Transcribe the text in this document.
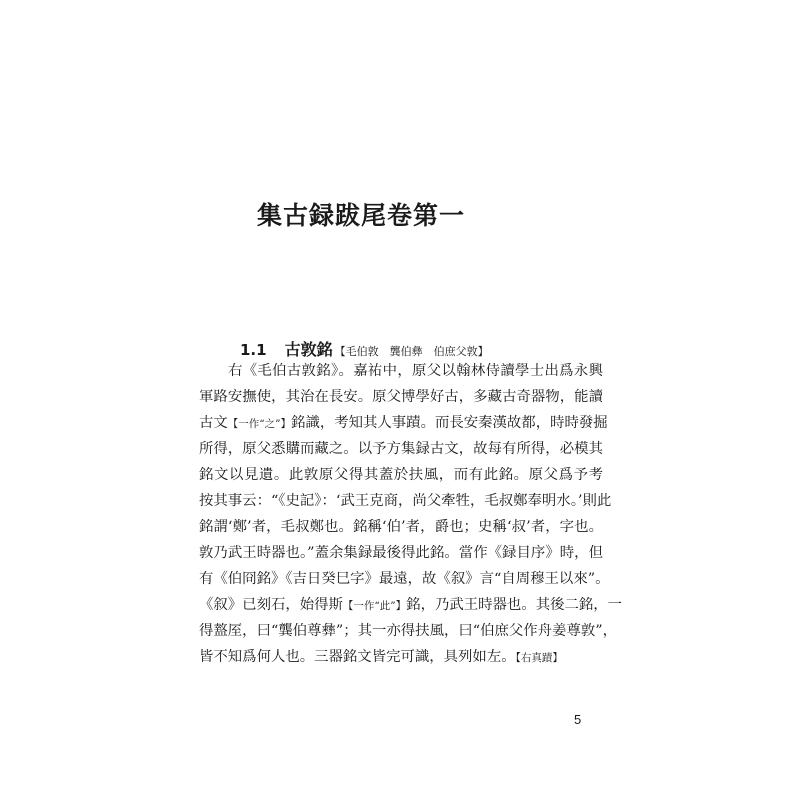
集古録跋尾卷第一
1.1 古敦銘 【毛伯敦　龔伯彝　伯庶父敦】
右《毛伯古敦銘》。嘉祐中，原父以翰林侍讀學士出爲永興
軍路安撫使，其治在長安。原父博學好古，多藏古奇器物，能讀
古文【一作“之”】銘識，考知其人事蹟。而長安秦漢故都，時時發掘
所得，原父悉購而藏之。以予方集録古文，故每有所得，必模其
銘文以見遺。此敦原父得其蓋於扶風，而有此銘。原父爲予考
按其事云：“《史記》：‘武王克商，尚父牽牲，毛叔鄭奉明水。’則此
銘謂‘鄭’者，毛叔鄭也。銘稱‘伯’者，爵也；史稱‘叔’者，字也。
敦乃武王時器也。”蓋余集録最後得此銘。當作《録目序》時，但
有《伯冏銘》《吉日癸巳字》最遠，故《叙》言“自周穆王以來”。
《叙》已刻石，始得斯【一作“此”】銘，乃武王時器也。其後二銘，一
得盩厔，曰“龔伯尊彝”；其一亦得扶風，曰“伯庶父作舟姜尊敦”，
皆不知爲何人也。三器銘文皆完可識，具列如左。【右真蹟】
5
